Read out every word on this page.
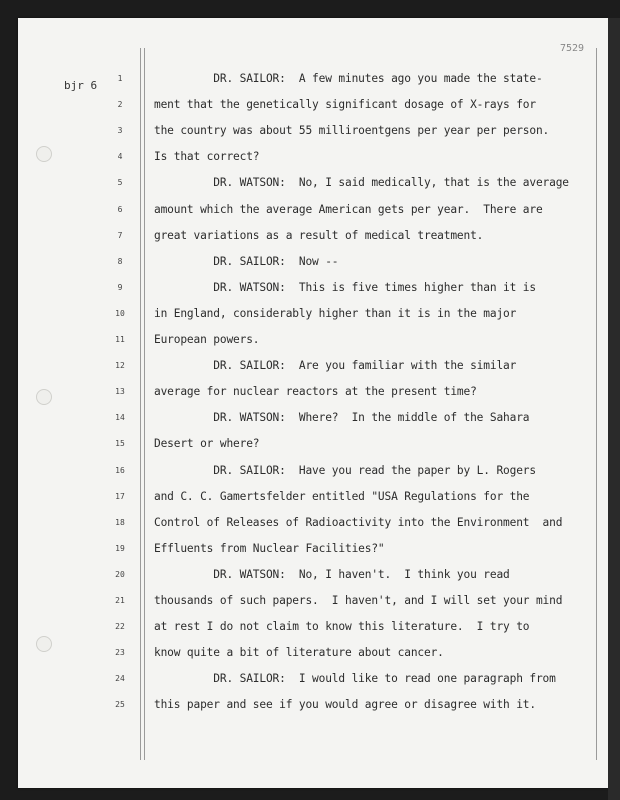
7529
bjr 6
1	DR. SAILOR:  A few minutes ago you made the state-
2	ment that the genetically significant dosage of X-rays for
3	the country was about 55 milliroentgens per year per person.
4	Is that correct?
5	DR. WATSON:  No, I said medically, that is the average
6	amount which the average American gets per year.  There are
7	great variations as a result of medical treatment.
8	DR. SAILOR:  Now --
9	DR. WATSON:  This is five times higher than it is
10	in England, considerably higher than it is in the major
11	European powers.
12	DR. SAILOR:  Are you familiar with the similar
13	average for nuclear reactors at the present time?
14	DR. WATSON:  Where?  In the middle of the Sahara
15	Desert or where?
16	DR. SAILOR:  Have you read the paper by L. Rogers
17	and C. C. Gamertsfelder entitled "USA Regulations for the
18	Control of Releases of Radioactivity into the Environment  and
19	Effluents from Nuclear Facilities?"
20	DR. WATSON:  No, I haven't.  I think you read
21	thousands of such papers.  I haven't, and I will set your mind
22	at rest I do not claim to know this literature.  I try to
23	know quite a bit of literature about cancer.
24	DR. SAILOR:  I would like to read one paragraph from
25	this paper and see if you would agree or disagree with it.
